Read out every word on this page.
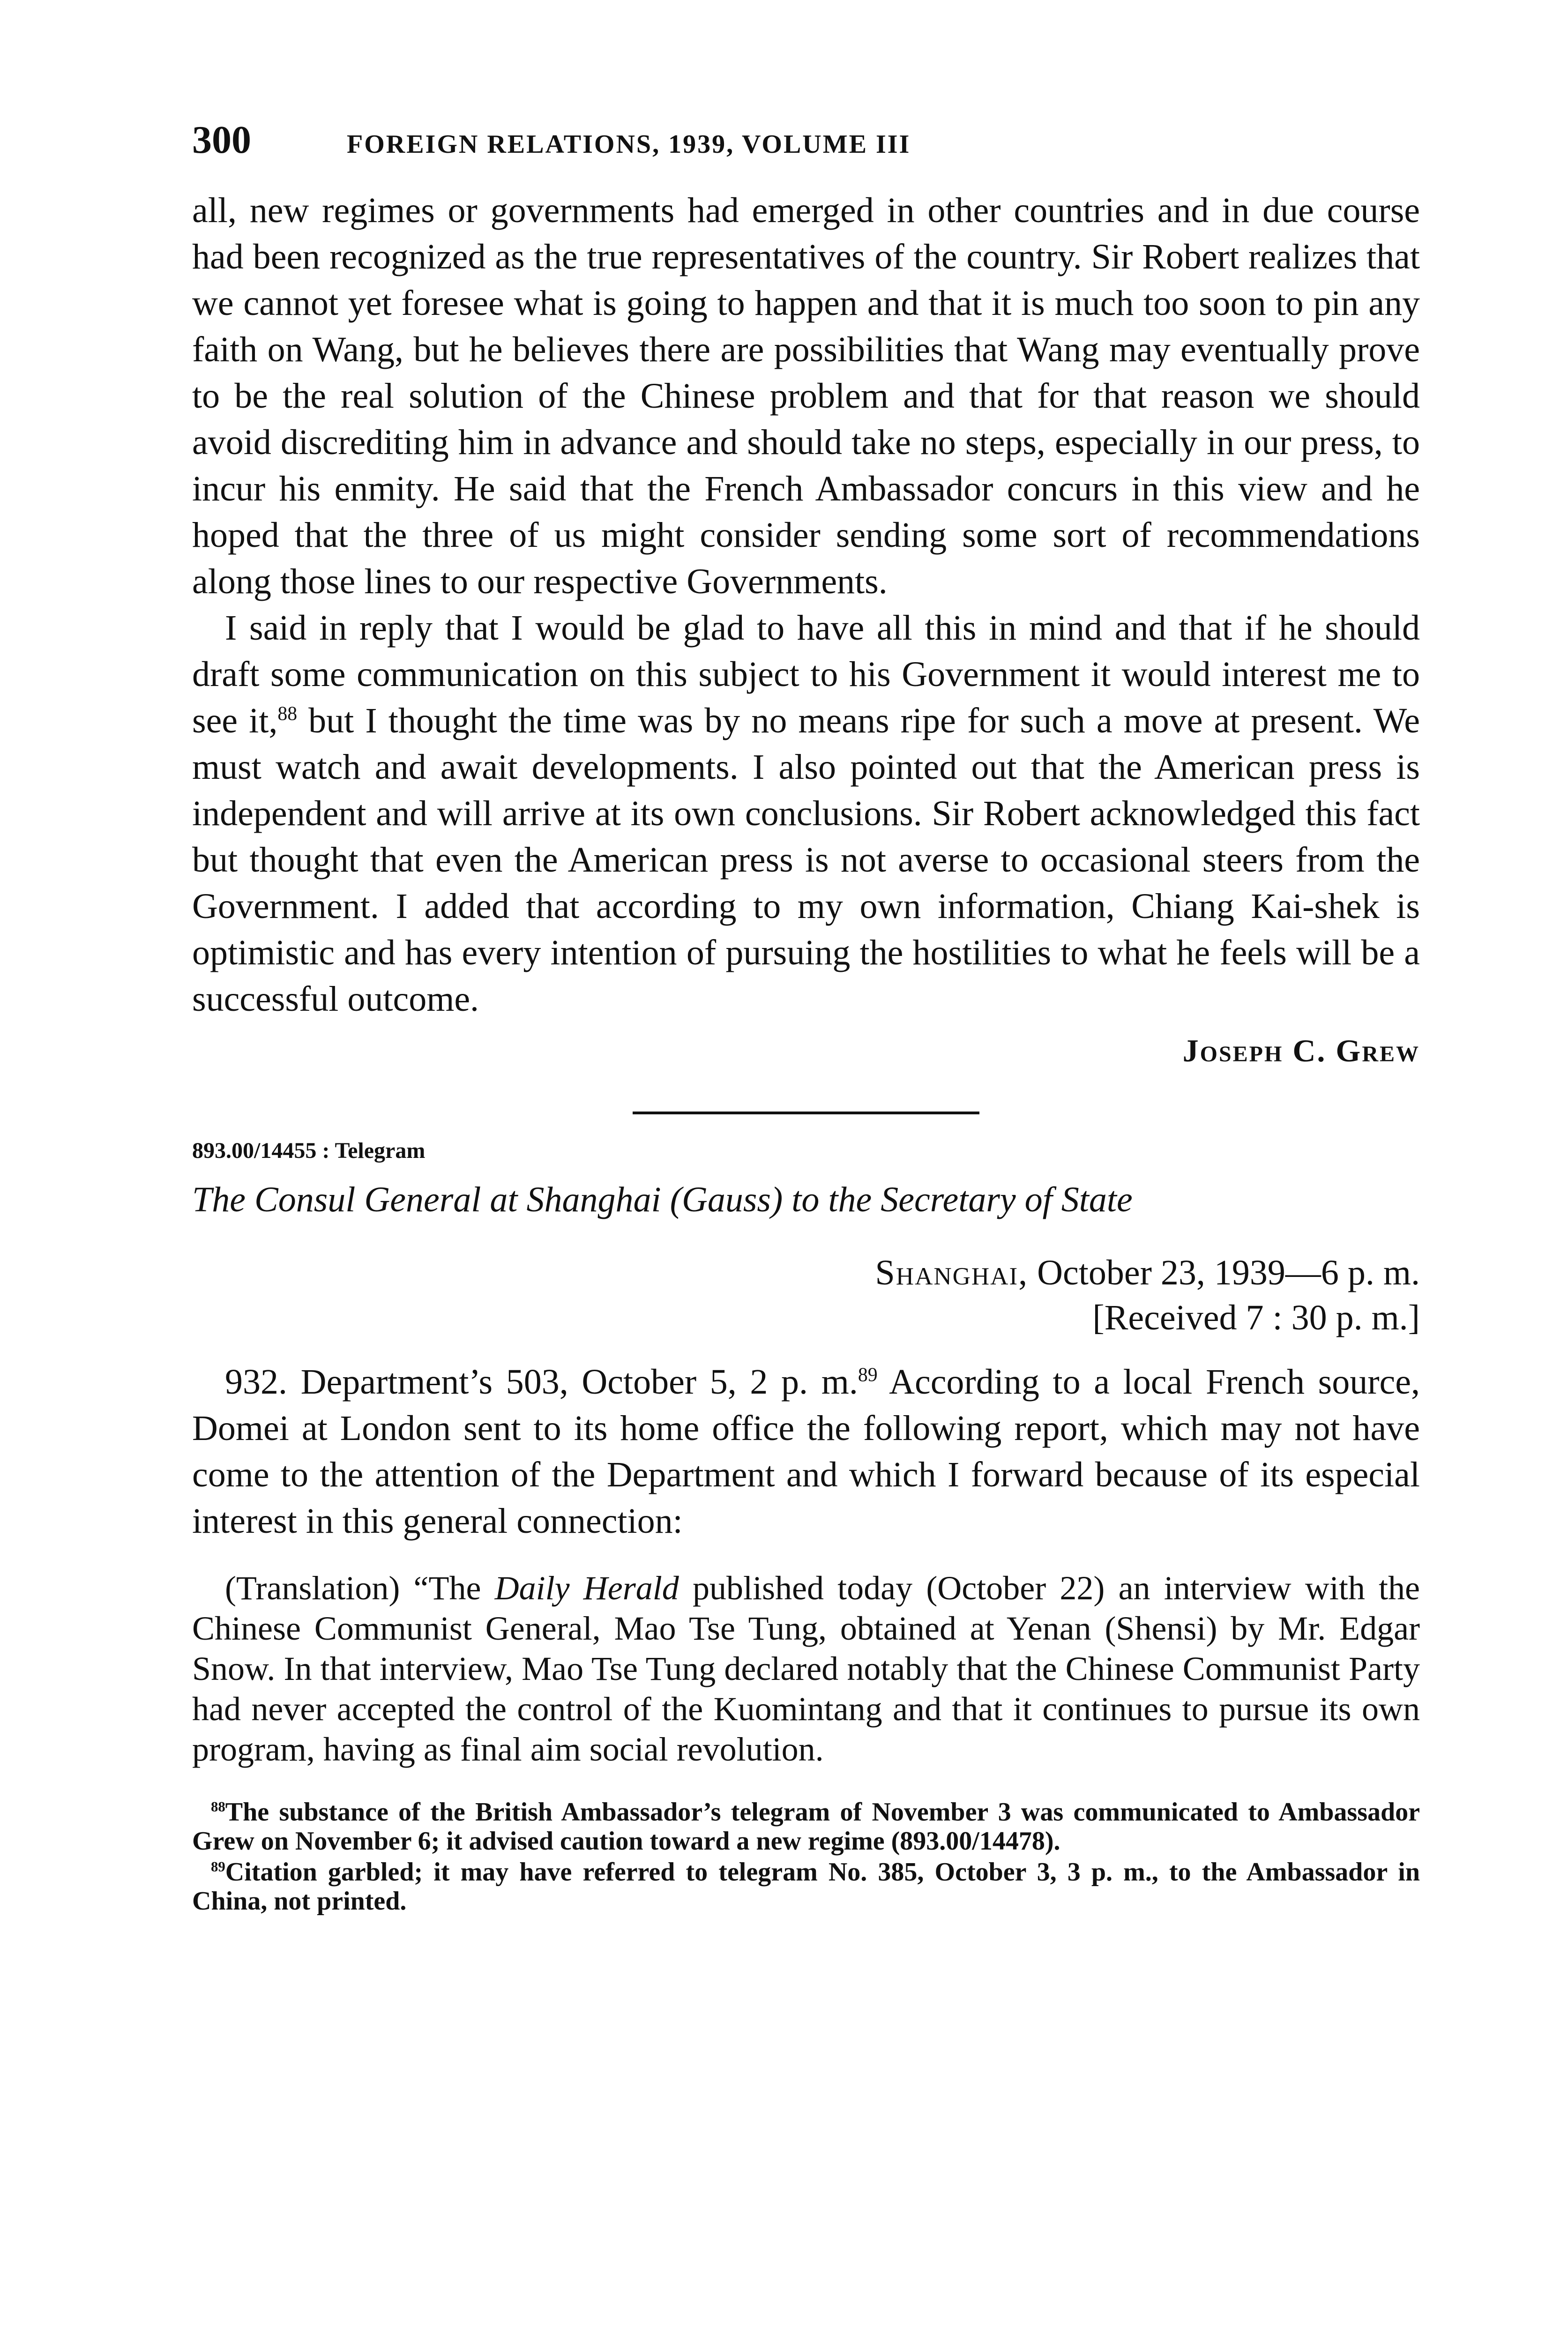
300	FOREIGN RELATIONS, 1939, VOLUME III

all, new regimes or governments had emerged in other countries and in due course had been recognized as the true representatives of the country. Sir Robert realizes that we cannot yet foresee what is going to happen and that it is much too soon to pin any faith on Wang, but he believes there are possibilities that Wang may eventually prove to be the real solution of the Chinese problem and that for that reason we should avoid discrediting him in advance and should take no steps, especially in our press, to incur his enmity. He said that the French Ambassador concurs in this view and he hoped that the three of us might consider sending some sort of recommendations along those lines to our respective Governments.

I said in reply that I would be glad to have all this in mind and that if he should draft some communication on this subject to his Government it would interest me to see it,$^{88}$ but I thought the time was by no means ripe for such a move at present. We must watch and await developments. I also pointed out that the American press is independent and will arrive at its own conclusions. Sir Robert acknowledged this fact but thought that even the American press is not averse to occasional steers from the Government. I added that according to my own information, Chiang Kai-shek is optimistic and has every intention of pursuing the hostilities to what he feels will be a successful outcome.

Joseph C. Grew

893.00/14455 : Telegram

The Consul General at Shanghai (Gauss) to the Secretary of State

Shanghai, October 23, 1939—6 p. m.

[Received 7 : 30 p. m.]

932. Department’s 503, October 5, 2 p. m.$^{89}$ According to a local French source, Domei at London sent to its home office the following report, which may not have come to the attention of the Department and which I forward because of its especial interest in this general connection:

(Translation) “The Daily Herald published today (October 22) an interview with the Chinese Communist General, Mao Tse Tung, obtained at Yenan (Shensi) by Mr. Edgar Snow. In that interview, Mao Tse Tung declared notably that the Chinese Communist Party had never accepted the control of the Kuomintang and that it continues to pursue its own program, having as final aim social revolution.

$^{88}$The substance of the British Ambassador’s telegram of November 3 was communicated to Ambassador Grew on November 6; it advised caution toward a new regime (893.00/14478).

$^{89}$Citation garbled; it may have referred to telegram No. 385, October 3, 3 p. m., to the Ambassador in China, not printed.
